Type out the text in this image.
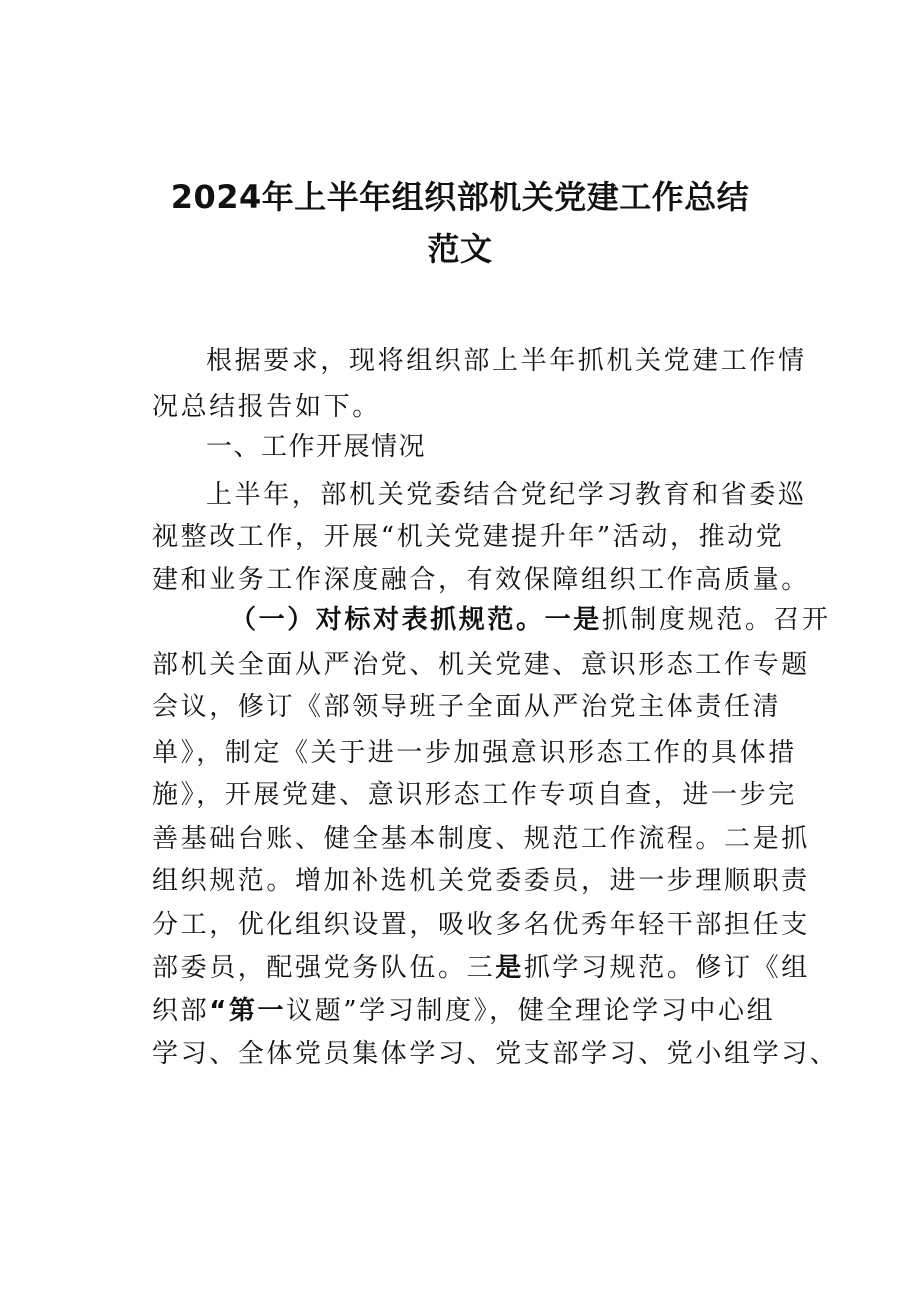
2024年上半年组织部机关党建工作总结
范文
根据要求，现将组织部上半年抓机关党建工作情
况总结报告如下。
一、工作开展情况
上半年，部机关党委结合党纪学习教育和省委巡
视整改工作，开展“机关党建提升年”活动，推动党
建和业务工作深度融合，有效保障组织工作高质量。
（一）对标对表抓规范。一是抓制度规范。召开
部机关全面从严治党、机关党建、意识形态工作专题
会议，修订《部领导班子全面从严治党主体责任清
单》，制定《关于进一步加强意识形态工作的具体措
施》，开展党建、意识形态工作专项自查，进一步完
善基础台账、健全基本制度、规范工作流程。二是抓
组织规范。增加补选机关党委委员，进一步理顺职责
分工，优化组织设置，吸收多名优秀年轻干部担任支
部委员，配强党务队伍。三是抓学习规范。修订《组
织部“第一议题”学习制度》，健全理论学习中心组
学习、全体党员集体学习、党支部学习、党小组学习、
